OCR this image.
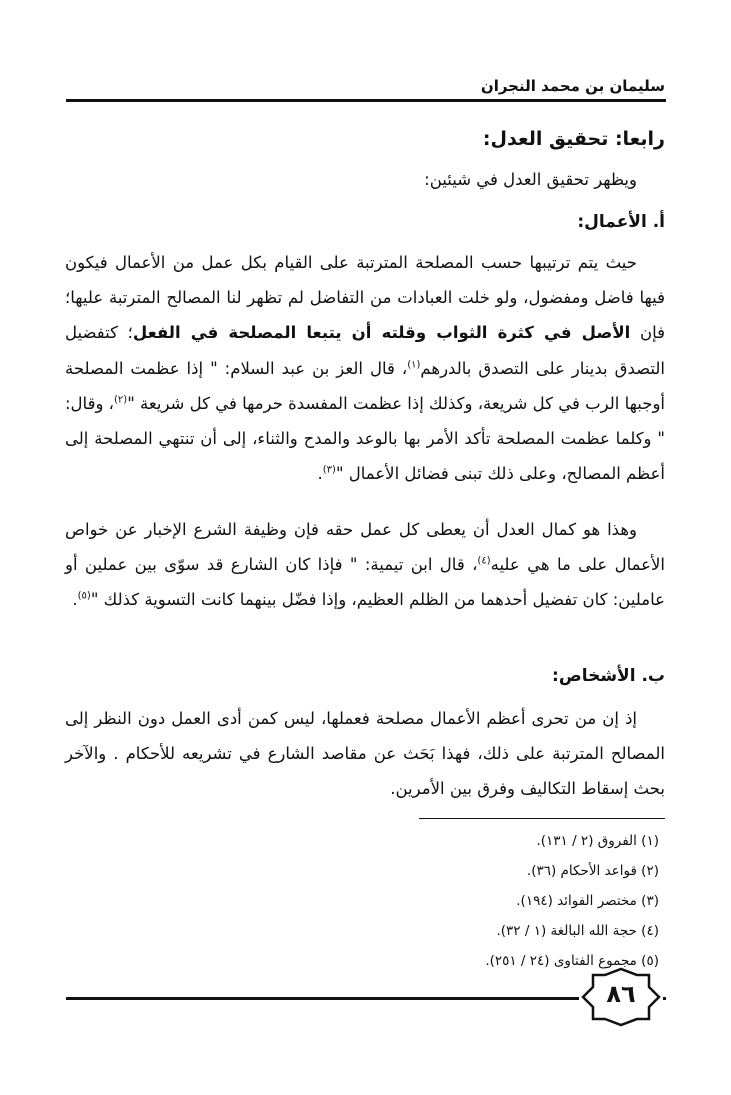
سليمان بن محمد النجران

رابعا: تحقيق العدل:

ويظهر تحقيق العدل في شيئين:

أ. الأعمال:

حيث يتم ترتيبها حسب المصلحة المترتبة على القيام بكل عمل من الأعمال فيكون فيها فاضل ومفضول، ولو خلت العبادات من التفاضل لم تظهر لنا المصالح المترتبة عليها؛ فإن الأصل في كثرة الثواب وقلته أن يتبعا المصلحة في الفعل؛ كتفضيل التصدق بدينار على التصدق بالدرهم$^{(١)}$، قال العز بن عبد السلام: " إذا عظمت المصلحة أوجبها الرب في كل شريعة، وكذلك إذا عظمت المفسدة حرمها في كل شريعة "$^{(٢)}$، وقال: " وكلما عظمت المصلحة تأكد الأمر بها بالوعد والمدح والثناء، إلى أن تنتهي المصلحة إلى أعظم المصالح، وعلى ذلك تبنى فضائل الأعمال "$^{(٣)}$.

وهذا هو كمال العدل أن يعطى كل عمل حقه فإن وظيفة الشرع الإخبار عن خواص الأعمال على ما هي عليه$^{(٤)}$، قال ابن تيمية: " فإذا كان الشارع قد سوّى بين عملين أو عاملين: كان تفضيل أحدهما من الظلم العظيم، وإذا فضّل بينهما كانت التسوية كذلك "$^{(٥)}$.

ب. الأشخاص:

إذ إن من تحرى أعظم الأعمال مصلحة فعملها، ليس كمن أدى العمل دون النظر إلى المصالح المترتبة على ذلك، فهذا بَحَث عن مقاصد الشارع في تشريعه للأحكام . والآخر بحث إسقاط التكاليف وفرق بين الأمرين.

(١) الفروق (٢ / ١٣١).

(٢) قواعد الأحكام (٣٦).

(٣) مختصر الفوائد (١٩٤).

(٤) حجة الله البالغة (١ / ٣٢).

(٥) مجموع الفتاوى (٢٤ / ٢٥١).

٨٦
